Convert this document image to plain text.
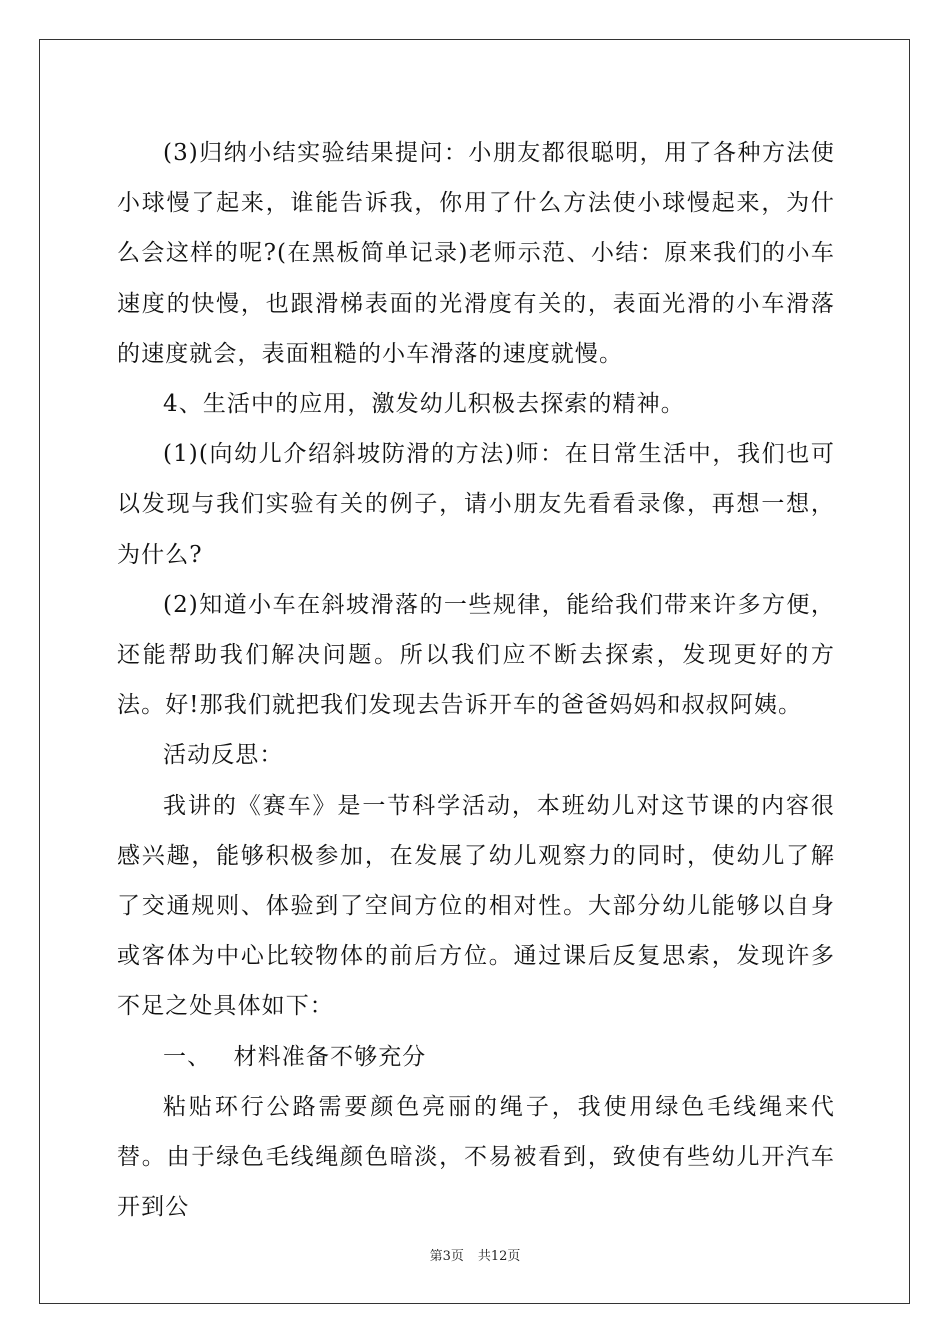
(3)归纳小结实验结果提问：小朋友都很聪明，用了各种方法使小球慢了起来，谁能告诉我，你用了什么方法使小球慢起来，为什么会这样的呢?(在黑板简单记录)老师示范、小结：原来我们的小车速度的快慢，也跟滑梯表面的光滑度有关的，表面光滑的小车滑落的速度就会，表面粗糙的小车滑落的速度就慢。

4、生活中的应用，激发幼儿积极去探索的精神。

(1)(向幼儿介绍斜坡防滑的方法)师：在日常生活中，我们也可以发现与我们实验有关的例子，请小朋友先看看录像，再想一想，为什么?

(2)知道小车在斜坡滑落的一些规律，能给我们带来许多方便，还能帮助我们解决问题。所以我们应不断去探索，发现更好的方法。好!那我们就把我们发现去告诉开车的爸爸妈妈和叔叔阿姨。

活动反思：

我讲的《赛车》是一节科学活动，本班幼儿对这节课的内容很感兴趣，能够积极参加，在发展了幼儿观察力的同时，使幼儿了解了交通规则、体验到了空间方位的相对性。大部分幼儿能够以自身或客体为中心比较物体的前后方位。通过课后反复思索，发现许多不足之处具体如下：

一、 材料准备不够充分

粘贴环行公路需要颜色亮丽的绳子，我使用绿色毛线绳来代替。由于绿色毛线绳颜色暗淡，不易被看到，致使有些幼儿开汽车开到公

第3页 共12页
